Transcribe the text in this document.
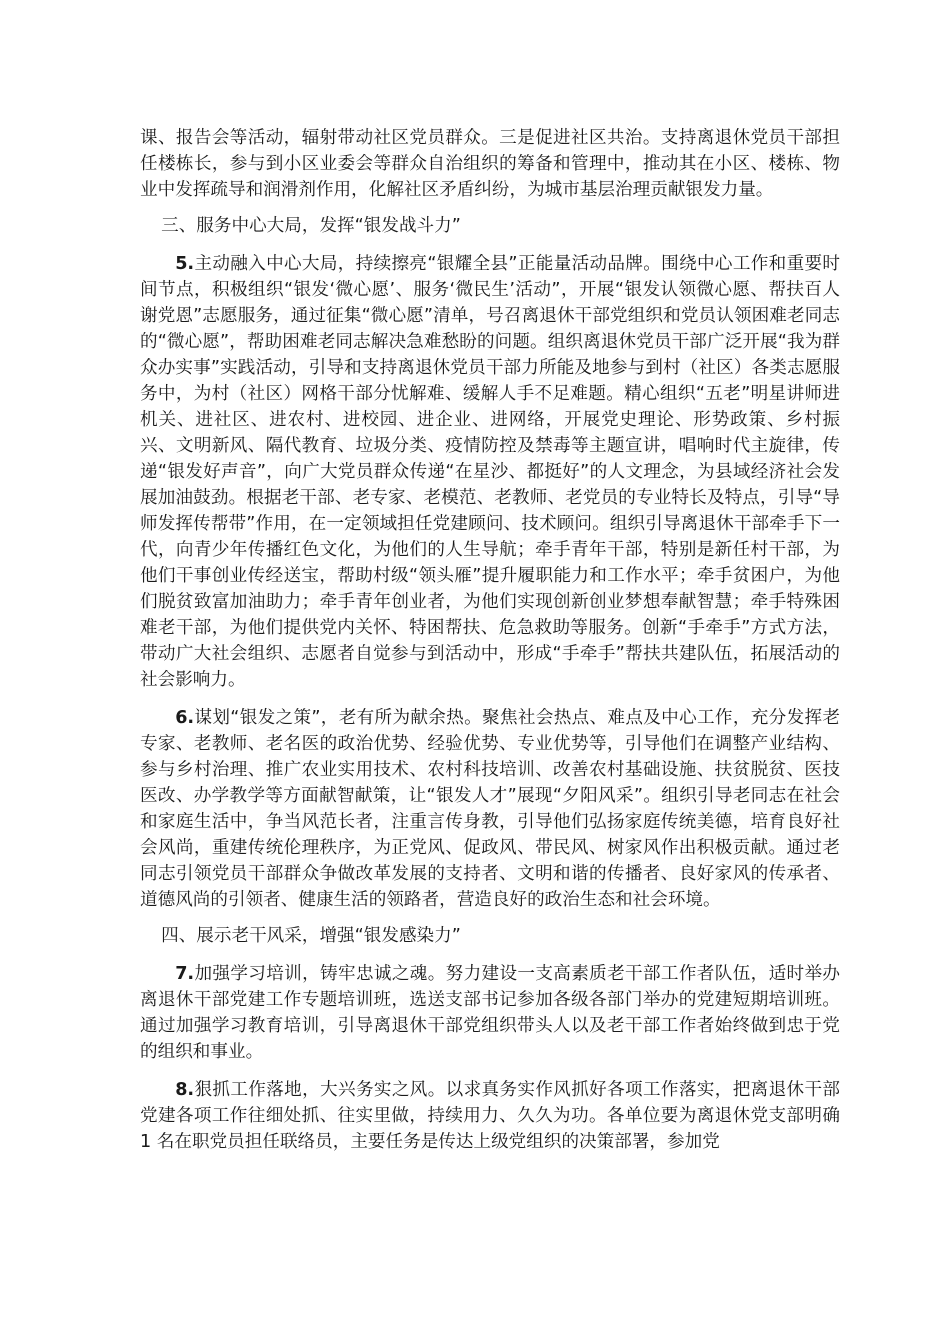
课、报告会等活动，辐射带动社区党员群众。三是促进社区共治。支持离退休党员干部担任楼栋长，参与到小区业委会等群众自治组织的筹备和管理中，推动其在小区、楼栋、物业中发挥疏导和润滑剂作用，化解社区矛盾纠纷，为城市基层治理贡献银发力量。

三、服务中心大局，发挥“银发战斗力”

5.主动融入中心大局，持续擦亮“银耀全县”正能量活动品牌。围绕中心工作和重要时间节点，积极组织“银发‘微心愿’、服务‘微民生’活动”，开展“银发认领微心愿、帮扶百人谢党恩”志愿服务，通过征集“微心愿”清单，号召离退休干部党组织和党员认领困难老同志的“微心愿”，帮助困难老同志解决急难愁盼的问题。组织离退休党员干部广泛开展“我为群众办实事”实践活动，引导和支持离退休党员干部力所能及地参与到村（社区）各类志愿服务中，为村（社区）网格干部分忧解难、缓解人手不足难题。精心组织“五老”明星讲师进机关、进社区、进农村、进校园、进企业、进网络，开展党史理论、形势政策、乡村振兴、文明新风、隔代教育、垃圾分类、疫情防控及禁毒等主题宣讲，唱响时代主旋律，传递“银发好声音”，向广大党员群众传递“在星沙、都挺好”的人文理念，为县域经济社会发展加油鼓劲。根据老干部、老专家、老模范、老教师、老党员的专业特长及特点，引导“导师发挥传帮带”作用，在一定领域担任党建顾问、技术顾问。组织引导离退休干部牵手下一代，向青少年传播红色文化，为他们的人生导航；牵手青年干部，特别是新任村干部，为他们干事创业传经送宝，帮助村级“领头雁”提升履职能力和工作水平；牵手贫困户，为他们脱贫致富加油助力；牵手青年创业者，为他们实现创新创业梦想奉献智慧；牵手特殊困难老干部，为他们提供党内关怀、特困帮扶、危急救助等服务。创新“手牵手”方式方法，带动广大社会组织、志愿者自觉参与到活动中，形成“手牵手”帮扶共建队伍，拓展活动的社会影响力。

6.谋划“银发之策”，老有所为献余热。聚焦社会热点、难点及中心工作，充分发挥老专家、老教师、老名医的政治优势、经验优势、专业优势等，引导他们在调整产业结构、参与乡村治理、推广农业实用技术、农村科技培训、改善农村基础设施、扶贫脱贫、医技医改、办学教学等方面献智献策，让“银发人才”展现“夕阳风采”。组织引导老同志在社会和家庭生活中，争当风范长者，注重言传身教，引导他们弘扬家庭传统美德，培育良好社会风尚，重建传统伦理秩序，为正党风、促政风、带民风、树家风作出积极贡献。通过老同志引领党员干部群众争做改革发展的支持者、文明和谐的传播者、良好家风的传承者、道德风尚的引领者、健康生活的领路者，营造良好的政治生态和社会环境。

四、展示老干风采，增强“银发感染力”

7.加强学习培训，铸牢忠诚之魂。努力建设一支高素质老干部工作者队伍，适时举办离退休干部党建工作专题培训班，选送支部书记参加各级各部门举办的党建短期培训班。通过加强学习教育培训，引导离退休干部党组织带头人以及老干部工作者始终做到忠于党的组织和事业。

8.狠抓工作落地，大兴务实之风。以求真务实作风抓好各项工作落实，把离退休干部党建各项工作往细处抓、往实里做，持续用力、久久为功。各单位要为离退休党支部明确 1 名在职党员担任联络员，主要任务是传达上级党组织的决策部署，参加党
